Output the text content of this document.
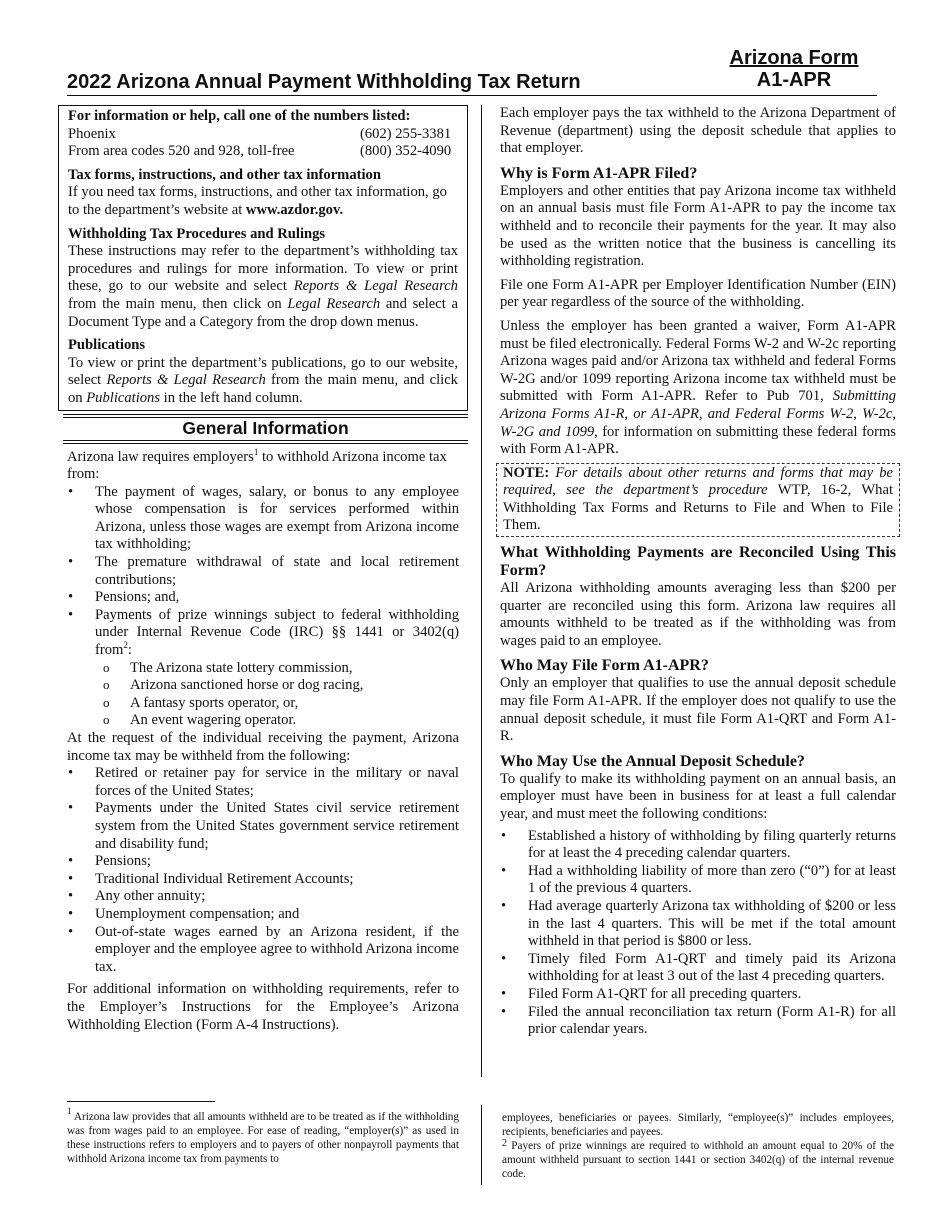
Arizona Form
A1-APR
2022 Arizona Annual Payment Withholding Tax Return

For information or help, call one of the numbers listed:

Phoenix	(602) 255-3381
From area codes 520 and 928, toll-free	(800) 352-4090

Tax forms, instructions, and other tax information

If you need tax forms, instructions, and other tax information, go to the department’s website at www.azdor.gov.

Withholding Tax Procedures and Rulings

These instructions may refer to the department’s withholding tax procedures and rulings for more information. To view or print these, go to our website and select Reports & Legal Research from the main menu, then click on Legal Research and select a Document Type and a Category from the drop down menus.

Publications

To view or print the department’s publications, go to our website, select Reports & Legal Research from the main menu, and click on Publications in the left hand column.

General Information

Arizona law requires employers$^1$ to withhold Arizona income tax from:

• The payment of wages, salary, or bonus to any employee whose compensation is for services performed within Arizona, unless those wages are exempt from Arizona income tax withholding;
• The premature withdrawal of state and local retirement contributions;
• Pensions; and,
• Payments of prize winnings subject to federal withholding under Internal Revenue Code (IRC) §§ 1441 or 3402(q) from$^2$:
o The Arizona state lottery commission,
o Arizona sanctioned horse or dog racing,
o A fantasy sports operator, or,
o An event wagering operator.

At the request of the individual receiving the payment, Arizona income tax may be withheld from the following:

• Retired or retainer pay for service in the military or naval forces of the United States;
• Payments under the United States civil service retirement system from the United States government service retirement and disability fund;
• Pensions;
• Traditional Individual Retirement Accounts;
• Any other annuity;
• Unemployment compensation; and
• Out-of-state wages earned by an Arizona resident, if the employer and the employee agree to withhold Arizona income tax.

For additional information on withholding requirements, refer to the Employer’s Instructions for the Employee’s Arizona Withholding Election (Form A-4 Instructions).

Each employer pays the tax withheld to the Arizona Department of Revenue (department) using the deposit schedule that applies to that employer.

Why is Form A1-APR Filed?

Employers and other entities that pay Arizona income tax withheld on an annual basis must file Form A1-APR to pay the income tax withheld and to reconcile their payments for the year. It may also be used as the written notice that the business is cancelling its withholding registration.

File one Form A1-APR per Employer Identification Number (EIN) per year regardless of the source of the withholding.

Unless the employer has been granted a waiver, Form A1-APR must be filed electronically. Federal Forms W-2 and W-2c reporting Arizona wages paid and/or Arizona tax withheld and federal Forms W-2G and/or 1099 reporting Arizona income tax withheld must be submitted with Form A1-APR. Refer to Pub 701, Submitting Arizona Forms A1-R, or A1-APR, and Federal Forms W-2, W-2c, W-2G and 1099, for information on submitting these federal forms with Form A1-APR.

NOTE: For details about other returns and forms that may be required, see the department’s procedure WTP, 16-2, What Withholding Tax Forms and Returns to File and When to File Them.

What Withholding Payments are Reconciled Using This Form?

All Arizona withholding amounts averaging less than $200 per quarter are reconciled using this form. Arizona law requires all amounts withheld to be treated as if the withholding was from wages paid to an employee.

Who May File Form A1-APR?

Only an employer that qualifies to use the annual deposit schedule may file Form A1-APR. If the employer does not qualify to use the annual deposit schedule, it must file Form A1-QRT and Form A1-R.

Who May Use the Annual Deposit Schedule?

To qualify to make its withholding payment on an annual basis, an employer must have been in business for at least a full calendar year, and must meet the following conditions:

• Established a history of withholding by filing quarterly returns for at least the 4 preceding calendar quarters.
• Had a withholding liability of more than zero (“0”) for at least 1 of the previous 4 quarters.
• Had average quarterly Arizona tax withholding of $200 or less in the last 4 quarters. This will be met if the total amount withheld in that period is $800 or less.
• Timely filed Form A1-QRT and timely paid its Arizona withholding for at least 3 out of the last 4 preceding quarters.
• Filed Form A1-QRT for all preceding quarters.
• Filed the annual reconciliation tax return (Form A1-R) for all prior calendar years.
$^1$ Arizona law provides that all amounts withheld are to be treated as if the withholding was from wages paid to an employee. For ease of reading, “employer(s)” as used in these instructions refers to employers and to payers of other nonpayroll payments that withhold Arizona income tax from payments to

employees, beneficiaries or payees. Similarly, “employee(s)” includes employees, recipients, beneficiaries and payees.

$^2$ Payers of prize winnings are required to withhold an amount equal to 20% of the amount withheld pursuant to section 1441 or section 3402(q) of the internal revenue code.
